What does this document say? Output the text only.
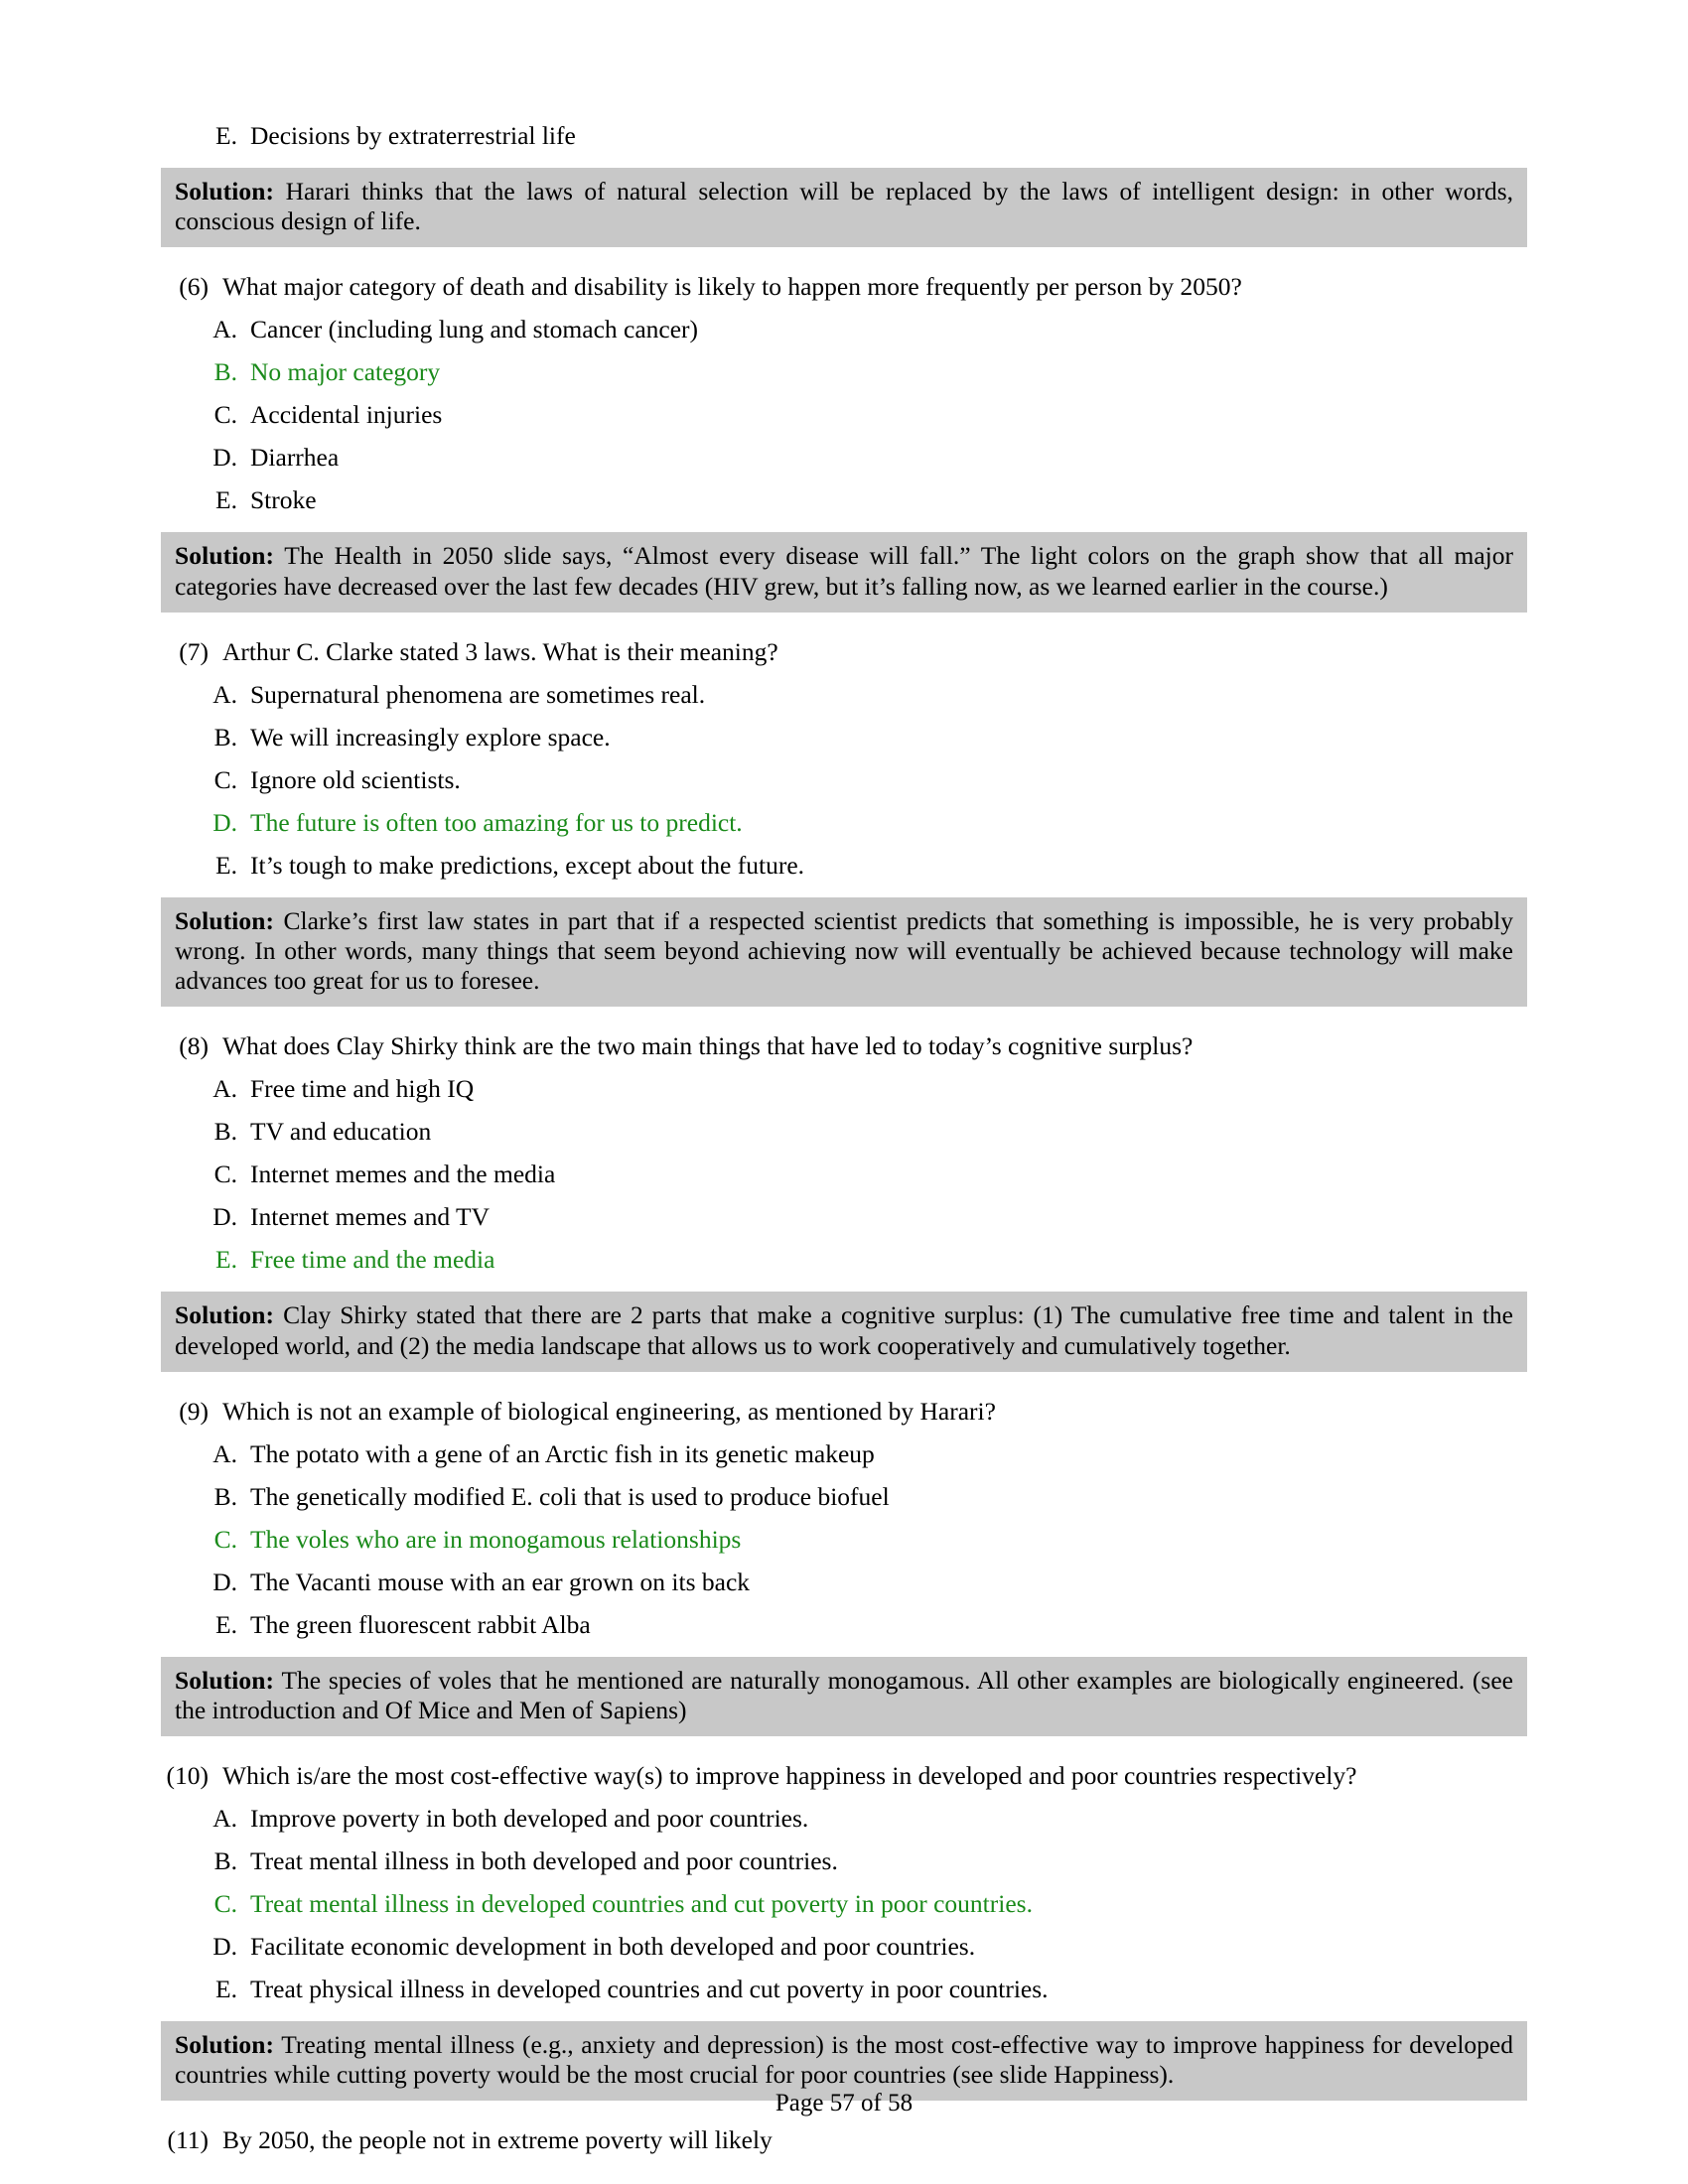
E. Decisions by extraterrestrial life
Solution: Harari thinks that the laws of natural selection will be replaced by the laws of intelligent design: in other words, conscious design of life.
(6) What major category of death and disability is likely to happen more frequently per person by 2050?
A. Cancer (including lung and stomach cancer)
B. No major category
C. Accidental injuries
D. Diarrhea
E. Stroke
Solution: The Health in 2050 slide says, “Almost every disease will fall.” The light colors on the graph show that all major categories have decreased over the last few decades (HIV grew, but it’s falling now, as we learned earlier in the course.)
(7) Arthur C. Clarke stated 3 laws. What is their meaning?
A. Supernatural phenomena are sometimes real.
B. We will increasingly explore space.
C. Ignore old scientists.
D. The future is often too amazing for us to predict.
E. It’s tough to make predictions, except about the future.
Solution: Clarke’s first law states in part that if a respected scientist predicts that something is impossible, he is very probably wrong. In other words, many things that seem beyond achieving now will eventually be achieved because technology will make advances too great for us to foresee.
(8) What does Clay Shirky think are the two main things that have led to today’s cognitive surplus?
A. Free time and high IQ
B. TV and education
C. Internet memes and the media
D. Internet memes and TV
E. Free time and the media
Solution: Clay Shirky stated that there are 2 parts that make a cognitive surplus: (1) The cumulative free time and talent in the developed world, and (2) the media landscape that allows us to work cooperatively and cumulatively together.
(9) Which is not an example of biological engineering, as mentioned by Harari?
A. The potato with a gene of an Arctic fish in its genetic makeup
B. The genetically modified E. coli that is used to produce biofuel
C. The voles who are in monogamous relationships
D. The Vacanti mouse with an ear grown on its back
E. The green fluorescent rabbit Alba
Solution: The species of voles that he mentioned are naturally monogamous. All other examples are biologically engineered. (see the introduction and Of Mice and Men of Sapiens)
(10) Which is/are the most cost-effective way(s) to improve happiness in developed and poor countries respectively?
A. Improve poverty in both developed and poor countries.
B. Treat mental illness in both developed and poor countries.
C. Treat mental illness in developed countries and cut poverty in poor countries.
D. Facilitate economic development in both developed and poor countries.
E. Treat physical illness in developed countries and cut poverty in poor countries.
Solution: Treating mental illness (e.g., anxiety and depression) is the most cost-effective way to improve happiness for developed countries while cutting poverty would be the most crucial for poor countries (see slide Happiness).
(11) By 2050, the people not in extreme poverty will likely
Page 57 of 58
